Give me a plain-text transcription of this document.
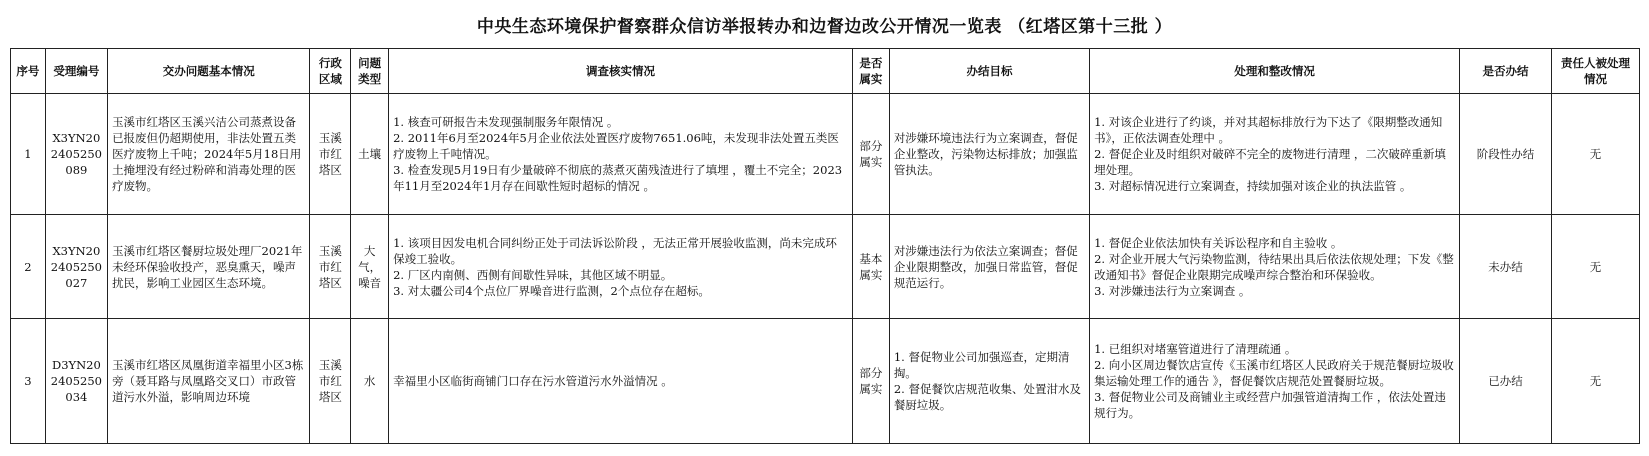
中央生态环境保护督察群众信访举报转办和边督边改公开情况一览表 （红塔区第十三批 ）
序号	受理编号	交办问题基本情况	行政区域	问题类型	调查核实情况	是否属实	办结目标	处理和整改情况	是否办结	责任人被处理情况
1	X3YN202405250089	玉溪市红塔区玉溪兴洁公司蒸煮设备已报废但仍超期使用，非法处置五类医疗废物上千吨；2024年5月18日用土掩埋没有经过粉碎和消毒处理的医疗废物。	玉溪市红塔区	土壤	1. 核查可研报告未发现强制服务年限情况 。
2. 2011年6月至2024年5月企业依法处置医疗废物7651.06吨，未发现非法处置五类医疗废物上千吨情况。
3. 检查发现5月19日有少量破碎不彻底的蒸煮灭菌残渣进行了填埋 ，覆土不完全；2023年11月至2024年1月存在间歇性短时超标的情况 。	部分属实	对涉嫌环境违法行为立案调查，督促企业整改，污染物达标排放；加强监管执法。	1. 对该企业进行了约谈，并对其超标排放行为下达了《限期整改通知书》，正依法调查处理中 。
2. 督促企业及时组织对破碎不完全的废物进行清理 ，二次破碎重新填埋处理。
3. 对超标情况进行立案调查，持续加强对该企业的执法监管 。	阶段性办结	无
2	X3YN202405250027	玉溪市红塔区餐厨垃圾处理厂2021年未经环保验收投产，恶臭熏天，噪声扰民，影响工业园区生态环境。	玉溪市红塔区	大气，噪音	1. 该项目因发电机合同纠纷正处于司法诉讼阶段 ，无法正常开展验收监测，尚未完成环保竣工验收。
2. 厂区内南侧、西侧有间歇性异味，其他区域不明显。
3. 对太疆公司4个点位厂界噪音进行监测，2个点位存在超标。	基本属实	对涉嫌违法行为依法立案调查；督促企业限期整改，加强日常监管，督促规范运行。	1. 督促企业依法加快有关诉讼程序和自主验收 。
2. 对企业开展大气污染物监测，待结果出具后依法依规处理；下发《整改通知书》督促企业限期完成噪声综合整治和环保验收。
3. 对涉嫌违法行为立案调查 。	未办结	无
3	D3YN202405250034	玉溪市红塔区凤凰街道幸福里小区3栋旁（聂耳路与凤凰路交叉口）市政管道污水外溢，影响周边环境	玉溪市红塔区	水	幸福里小区临街商铺门口存在污水管道污水外溢情况 。	部分属实	1. 督促物业公司加强巡查，定期清掏。
2. 督促餐饮店规范收集、处置泔水及餐厨垃圾。	1. 已组织对堵塞管道进行了清理疏通 。
2. 向小区周边餐饮店宣传《玉溪市红塔区人民政府关于规范餐厨垃圾收集运输处理工作的通告 》，督促餐饮店规范处置餐厨垃圾。
3. 督促物业公司及商铺业主或经营户加强管道清掏工作 ，依法处置违规行为。	已办结	无
